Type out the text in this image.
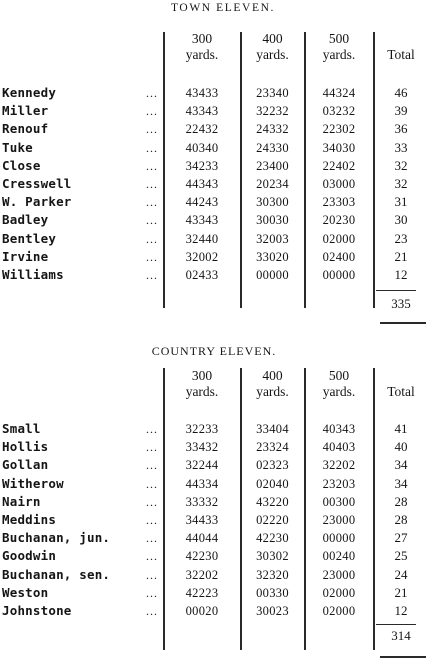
TOWN ELEVEN.
300
yards.
400
yards.
500
yards.	Total
Kennedy	...	43433	23340	44324	46
Miller	...	43343	32232	03232	39
Renouf	...	22432	24332	22302	36
Tuke	...	40340	24330	34030	33
Close	...	34233	23400	22402	32
Cresswell	...	44343	20234	03000	32
W. Parker	...	44243	30300	23303	31
Badley	...	43343	30030	20230	30
Bentley	...	32440	32003	02000	23
Irvine	...	32002	33020	02400	21
Williams	...	02433	00000	00000	12
335
COUNTRY ELEVEN.
300
yards.
400
yards.
500
yards.	Total
Small	...	32233	33404	40343	41
Hollis	...	33432	23324	40403	40
Gollan	...	32244	02323	32202	34
Witherow	...	44334	02040	23203	34
Nairn	...	33332	43220	00300	28
Meddins	...	34433	02220	23000	28
Buchanan, jun.	...	44044	42230	00000	27
Goodwin	...	42230	30302	00240	25
Buchanan, sen.	...	32202	32320	23000	24
Weston	...	42223	00330	02000	21
Johnstone	...	00020	30023	02000	12
314
